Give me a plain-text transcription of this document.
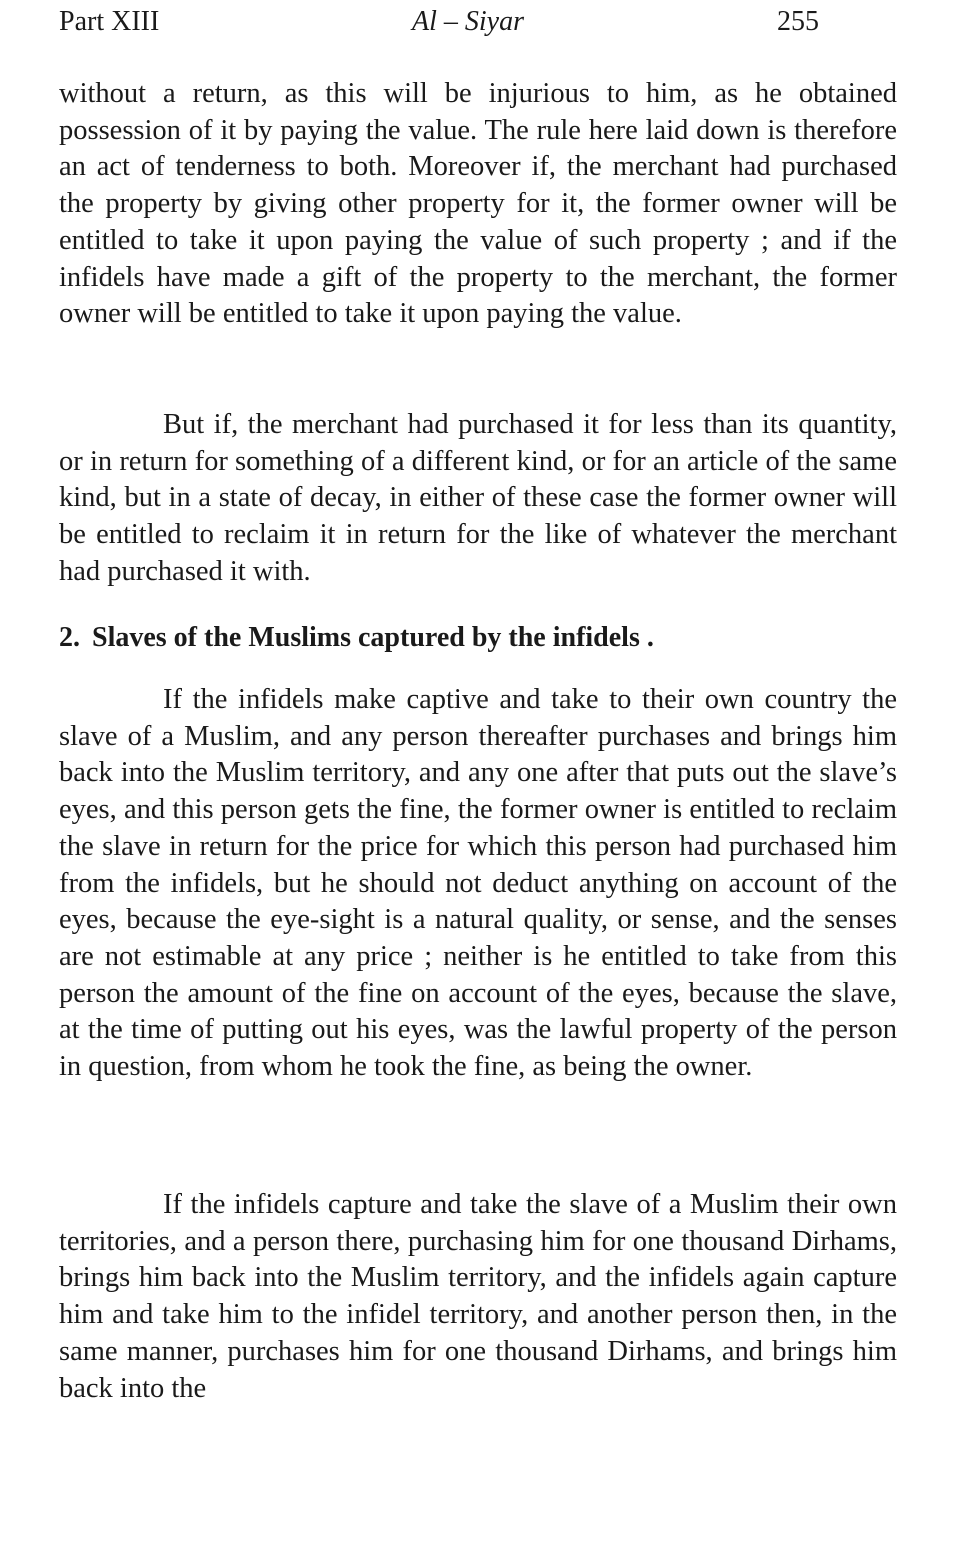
Part XIII	Al – Siyar	255

without a return, as this will be injurious to him, as he obtained possession of it by paying the value. The rule here laid down is therefore an act of tenderness to both. Moreover if, the merchant had purchased the property by giving other property for it, the former owner will be entitled to take it upon paying the value of such property ; and if the infidels have made a gift of the property to the merchant, the former owner will be entitled to take it upon paying the value.

But if, the merchant had purchased it for less than its quantity, or in return for something of a different kind, or for an article of the same kind, but in a state of decay, in either of these case the former owner will be entitled to reclaim it in return for the like of whatever the merchant had purchased it with.

2. Slaves of the Muslims captured by the infidels .

If the infidels make captive and take to their own country the slave of a Muslim, and any person thereafter purchases and brings him back into the Muslim territory, and any one after that puts out the slave’s eyes, and this person gets the fine, the former owner is entitled to reclaim the slave in return for the price for which this person had purchased him from the infidels, but he should not deduct anything on account of the eyes, because the eye-sight is a natural quality, or sense, and the senses are not estimable at any price ; neither is he entitled to take from this person the amount of the fine on account of the eyes, because the slave, at the time of putting out his eyes, was the lawful property of the person in question, from whom he took the fine, as being the owner.

If the infidels capture and take the slave of a Muslim their own territories, and a person there, purchasing him for one thousand Dirhams, brings him back into the Muslim territory, and the infidels again capture him and take him to the infidel territory, and another person then, in the same manner, purchases him for one thousand Dirhams, and brings him back into the
